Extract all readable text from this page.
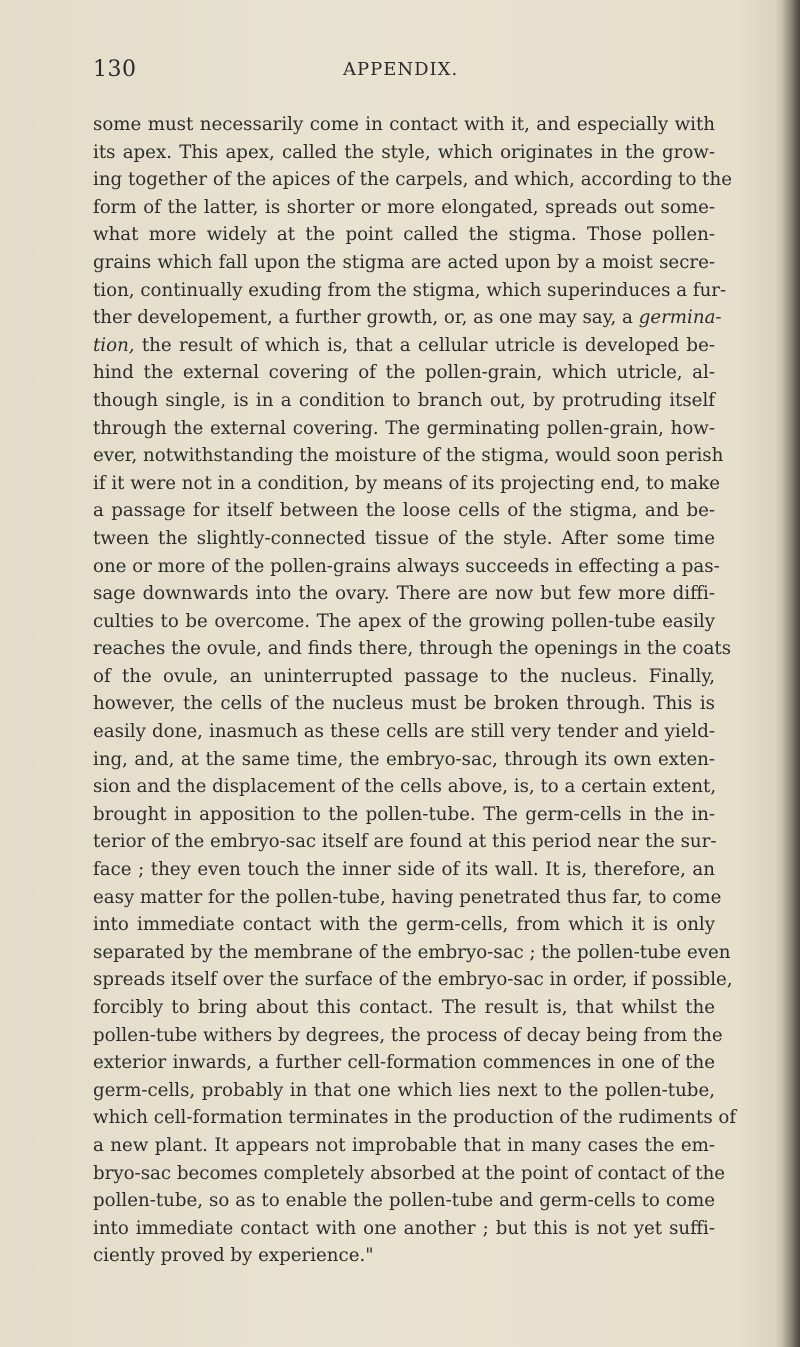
130	APPENDIX.
some must necessarily come in contact with it, and especially with
its apex. This apex, called the style, which originates in the grow-
ing together of the apices of the carpels, and which, according to the
form of the latter, is shorter or more elongated, spreads out some-
what more widely at the point called the stigma. Those pollen-
grains which fall upon the stigma are acted upon by a moist secre-
tion, continually exuding from the stigma, which superinduces a fur-
ther developement, a further growth, or, as one may say, a germina-
tion, the result of which is, that a cellular utricle is developed be-
hind the external covering of the pollen-grain, which utricle, al-
though single, is in a condition to branch out, by protruding itself
through the external covering. The germinating pollen-grain, how-
ever, notwithstanding the moisture of the stigma, would soon perish
if it were not in a condition, by means of its projecting end, to make
a passage for itself between the loose cells of the stigma, and be-
tween the slightly-connected tissue of the style. After some time
one or more of the pollen-grains always succeeds in effecting a pas-
sage downwards into the ovary. There are now but few more diffi-
culties to be overcome. The apex of the growing pollen-tube easily
reaches the ovule, and finds there, through the openings in the coats
of the ovule, an uninterrupted passage to the nucleus. Finally,
however, the cells of the nucleus must be broken through. This is
easily done, inasmuch as these cells are still very tender and yield-
ing, and, at the same time, the embryo-sac, through its own exten-
sion and the displacement of the cells above, is, to a certain extent,
brought in apposition to the pollen-tube. The germ-cells in the in-
terior of the embryo-sac itself are found at this period near the sur-
face ; they even touch the inner side of its wall. It is, therefore, an
easy matter for the pollen-tube, having penetrated thus far, to come
into immediate contact with the germ-cells, from which it is only
separated by the membrane of the embryo-sac ; the pollen-tube even
spreads itself over the surface of the embryo-sac in order, if possible,
forcibly to bring about this contact. The result is, that whilst the
pollen-tube withers by degrees, the process of decay being from the
exterior inwards, a further cell-formation commences in one of the
germ-cells, probably in that one which lies next to the pollen-tube,
which cell-formation terminates in the production of the rudiments of
a new plant. It appears not improbable that in many cases the em-
bryo-sac becomes completely absorbed at the point of contact of the
pollen-tube, so as to enable the pollen-tube and germ-cells to come
into immediate contact with one another ; but this is not yet suffi-
ciently proved by experience."
